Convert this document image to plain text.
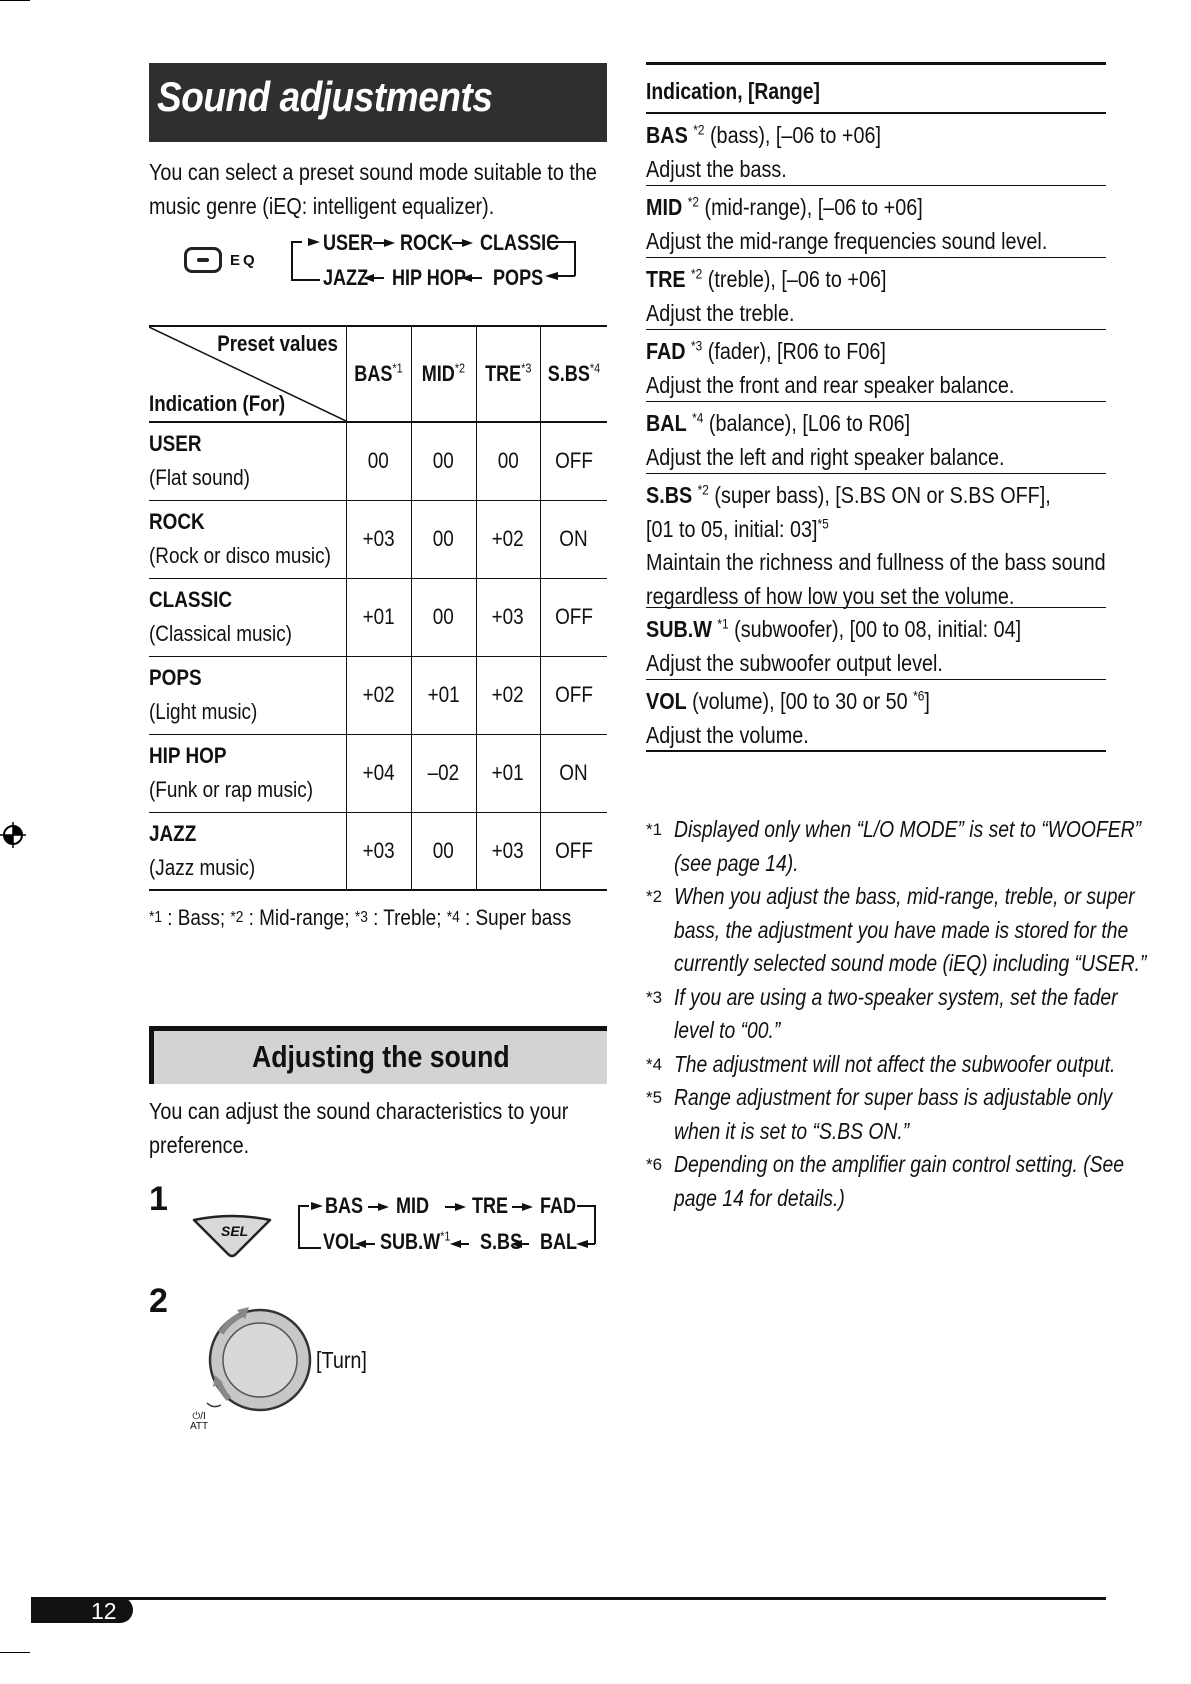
Sound adjustments
You can select a preset sound mode suitable to the
music genre (iEQ: intelligent equalizer).
EQ
USER ROCK CLASSIC
JAZZ HIP HOP POPS
Preset values
Indication (For)	BAS$^{*1}$	MID$^{*2}$	TRE$^{*3}$	S.BS$^{*4}$

USER
(Flat sound)	00	00	00	OFF

ROCK
(Rock or disco music)	+03	00	+02	ON

CLASSIC
(Classical music)	+01	00	+03	OFF

POPS
(Light music)	+02	+01	+02	OFF

HIP HOP
(Funk or rap music)	+04	–02	+01	ON

JAZZ
(Jazz music)	+03	00	+03	OFF
*1 : Bass; *2 : Mid-range; *3 : Treble; *4 : Super bass
Adjusting the sound
You can adjust the sound characteristics to your
preference.
1
SEL
BAS MID TRE FAD
VOL $SUB.W^{*1}$ S.BS BAL
2
⏻/I
ATT
[Turn]
Indication, [Range]
BAS $^{*2}$ (bass), [–06 to +06]
Adjust the bass.
MID $^{*2}$ (mid-range), [–06 to +06]
Adjust the mid-range frequencies sound level.
TRE $^{*2}$ (treble), [–06 to +06]
Adjust the treble.
FAD $^{*3}$ (fader), [R06 to F06]
Adjust the front and rear speaker balance.
BAL $^{*4}$ (balance), [L06 to R06]
Adjust the left and right speaker balance.
S.BS $^{*2}$ (super bass), [S.BS ON or S.BS OFF],
[01 to 05, initial: 03]$^{*5}$
Maintain the richness and fullness of the bass sound
regardless of how low you set the volume.
SUB.W $^{*1}$ (subwoofer), [00 to 08, initial: 04]
Adjust the subwoofer output level.
VOL (volume), [00 to 30 or 50 $^{*6}$]
Adjust the volume.
*1 Displayed only when “L/O MODE” is set to “WOOFER”
(see page 14).
*2 When you adjust the bass, mid-range, treble, or super
bass, the adjustment you have made is stored for the
currently selected sound mode (iEQ) including “USER.”
*3 If you are using a two-speaker system, set the fader
level to “00.”
*4 The adjustment will not affect the subwoofer output.
*5 Range adjustment for super bass is adjustable only
when it is set to “S.BS ON.”
*6 Depending on the amplifier gain control setting. (See
page 14 for details.)
12
